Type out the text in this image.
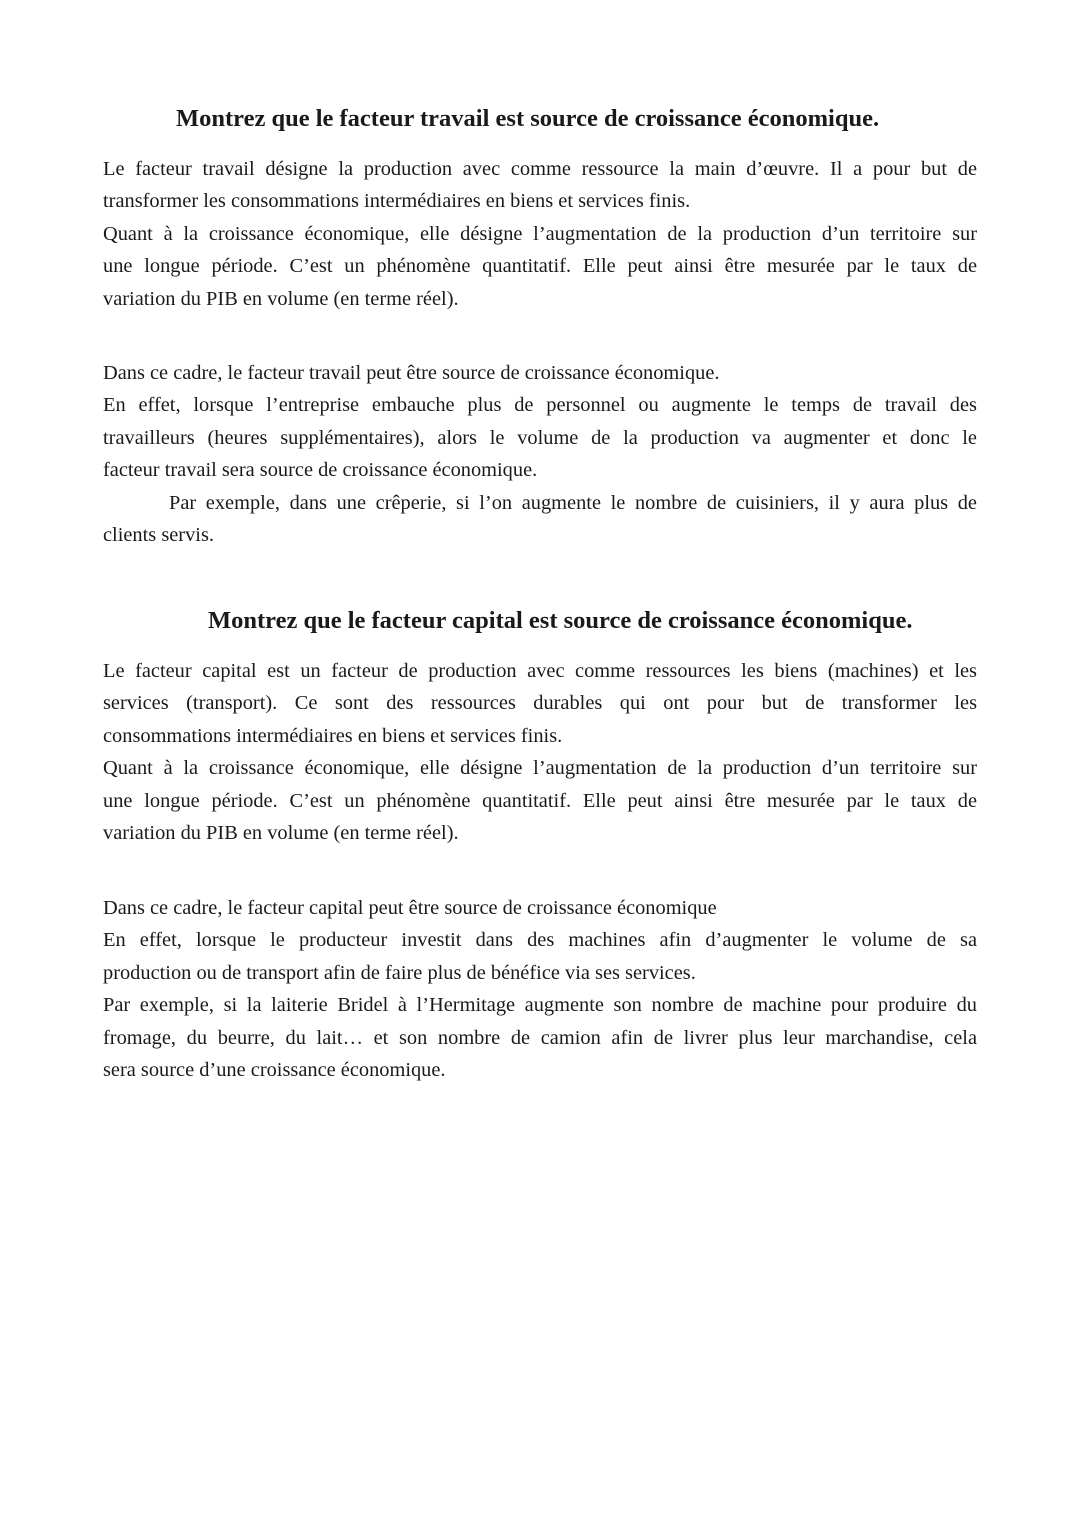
Montrez que le facteur travail est source de croissance économique.
Le facteur travail désigne la production avec comme ressource la main d’œuvre. Il a pour but de
transformer les consommations intermédiaires en biens et services finis.
Quant à la croissance économique, elle désigne l’augmentation de la production d’un territoire sur
une longue période. C’est un phénomène quantitatif. Elle peut ainsi être mesurée par le taux de
variation du PIB en volume (en terme réel).
Dans ce cadre, le facteur travail peut être source de croissance économique.
En effet, lorsque l’entreprise embauche plus de personnel ou augmente le temps de travail des
travailleurs (heures supplémentaires), alors le volume de la production va augmenter et donc le
facteur travail sera source de croissance économique.
Par exemple, dans une crêperie, si l’on augmente le nombre de cuisiniers, il y aura plus de
clients servis.
Montrez que le facteur capital est source de croissance économique.
Le facteur capital est un facteur de production avec comme ressources les biens (machines) et les
services (transport). Ce sont des ressources durables qui ont pour but de transformer les
consommations intermédiaires en biens et services finis.
Quant à la croissance économique, elle désigne l’augmentation de la production d’un territoire sur
une longue période. C’est un phénomène quantitatif. Elle peut ainsi être mesurée par le taux de
variation du PIB en volume (en terme réel).
Dans ce cadre, le facteur capital peut être source de croissance économique
En effet, lorsque le producteur investit dans des machines afin d’augmenter le volume de sa
production ou de transport afin de faire plus de bénéfice via ses services.
Par exemple, si la laiterie Bridel à l’Hermitage augmente son nombre de machine pour produire du
fromage, du beurre, du lait… et son nombre de camion afin de livrer plus leur marchandise, cela
sera source d’une croissance économique.
